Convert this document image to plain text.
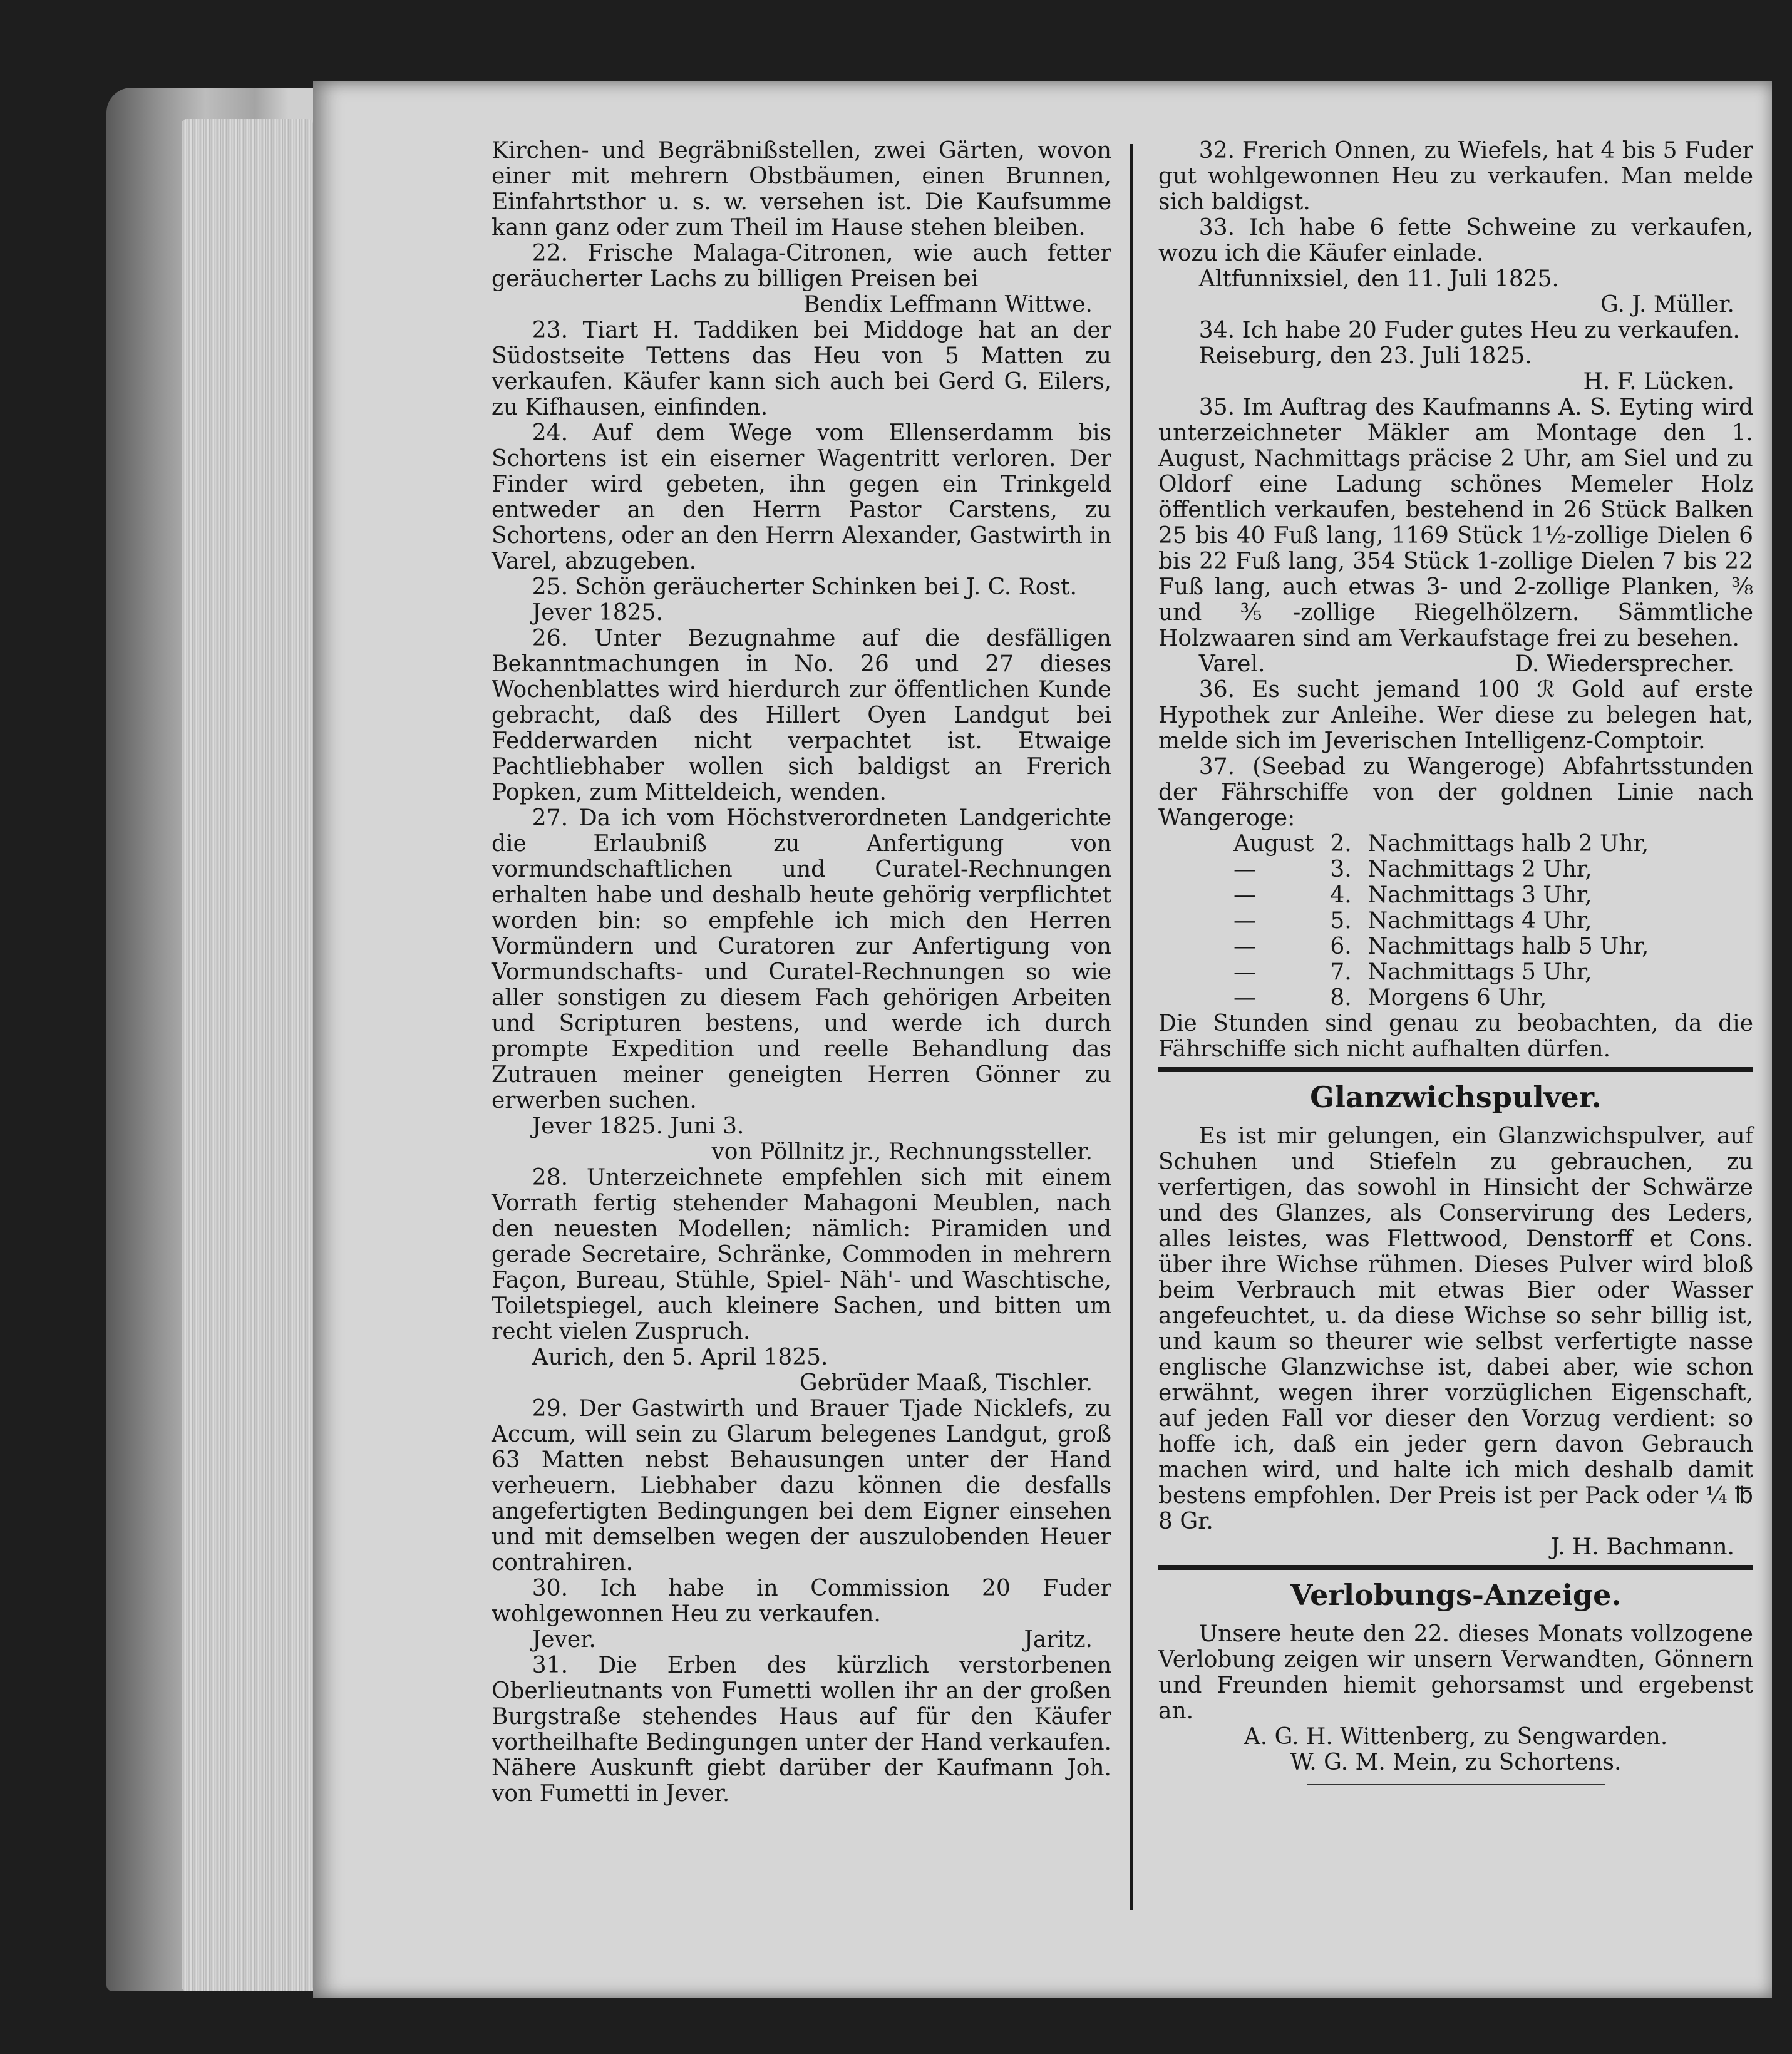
Kirchen- und Begräbnißstellen, zwei Gärten, wovon einer mit mehrern Obstbäumen, einen Brunnen, Einfahrtsthor u. s. w. versehen ist. Die Kaufsumme kann ganz oder zum Theil im Hause stehen bleiben.

22. Frische Malaga-Citronen, wie auch fetter geräucherter Lachs zu billigen Preisen bei

Bendix Leffmann Wittwe.

23. Tiart H. Taddiken bei Middoge hat an der Südostseite Tettens das Heu von 5 Matten zu verkaufen. Käufer kann sich auch bei Gerd G. Eilers, zu Kifhausen, einfinden.

24. Auf dem Wege vom Ellenserdamm bis Schortens ist ein eiserner Wagentritt verloren. Der Finder wird gebeten, ihn gegen ein Trinkgeld entweder an den Herrn Pastor Carstens, zu Schortens, oder an den Herrn Alexander, Gastwirth in Varel, abzugeben.

25. Schön geräucherter Schinken bei J. C. Rost.

Jever 1825.

26. Unter Bezugnahme auf die desfälligen Bekanntmachungen in No. 26 und 27 dieses Wochenblattes wird hierdurch zur öffentlichen Kunde gebracht, daß des Hillert Oyen Landgut bei Fedderwarden nicht verpachtet ist. Etwaige Pachtliebhaber wollen sich baldigst an Frerich Popken, zum Mitteldeich, wenden.

27. Da ich vom Höchstverordneten Landgerichte die Erlaubniß zu Anfertigung von vormundschaftlichen und Curatel-Rechnungen erhalten habe und deshalb heute gehörig verpflichtet worden bin: so empfehle ich mich den Herren Vormündern und Curatoren zur Anfertigung von Vormundschafts- und Curatel-Rechnungen so wie aller sonstigen zu diesem Fach gehörigen Arbeiten und Scripturen bestens, und werde ich durch prompte Expedition und reelle Behandlung das Zutrauen meiner geneigten Herren Gönner zu erwerben suchen.

Jever 1825. Juni 3.

von Pöllnitz jr., Rechnungssteller.

28. Unterzeichnete empfehlen sich mit einem Vorrath fertig stehender Mahagoni Meublen, nach den neuesten Modellen; nämlich: Piramiden und gerade Secretaire, Schränke, Commoden in mehrern Façon, Bureau, Stühle, Spiel- Näh'- und Waschtische, Toiletspiegel, auch kleinere Sachen, und bitten um recht vielen Zuspruch.

Aurich, den 5. April 1825.

Gebrüder Maaß, Tischler.

29. Der Gastwirth und Brauer Tjade Nicklefs, zu Accum, will sein zu Glarum belegenes Landgut, groß 63 Matten nebst Behausungen unter der Hand verheuern. Liebhaber dazu können die desfalls angefertigten Bedingungen bei dem Eigner einsehen und mit demselben wegen der auszulobenden Heuer contrahiren.

30. Ich habe in Commission 20 Fuder wohlgewonnen Heu zu verkaufen.

Jever.	Jaritz.

31. Die Erben des kürzlich verstorbenen Oberlieutnants von Fumetti wollen ihr an der großen Burgstraße stehendes Haus auf für den Käufer vortheilhafte Bedingungen unter der Hand verkaufen. Nähere Auskunft giebt darüber der Kaufmann Joh. von Fumetti in Jever.

32. Frerich Onnen, zu Wiefels, hat 4 bis 5 Fuder gut wohlgewonnen Heu zu verkaufen. Man melde sich baldigst.

33. Ich habe 6 fette Schweine zu verkaufen, wozu ich die Käufer einlade.

Altfunnixsiel, den 11. Juli 1825.

G. J. Müller.

34. Ich habe 20 Fuder gutes Heu zu verkaufen.

Reiseburg, den 23. Juli 1825.

H. F. Lücken.

35. Im Auftrag des Kaufmanns A. S. Eyting wird unterzeichneter Mäkler am Montage den 1. August, Nachmittags präcise 2 Uhr, am Siel und zu Oldorf eine Ladung schönes Memeler Holz öffentlich verkaufen, bestehend in 26 Stück Balken 25 bis 40 Fuß lang, 1169 Stück 1½-zollige Dielen 6 bis 22 Fuß lang, 354 Stück 1-zollige Dielen 7 bis 22 Fuß lang, auch etwas 3- und 2-zollige Planken, ⅜ und ⅗-zollige Riegelhölzern. Sämmtliche Holzwaaren sind am Verkaufstage frei zu besehen.

Varel.	D. Wiedersprecher.

36. Es sucht jemand 100 ℛ Gold auf erste Hypothek zur Anleihe. Wer diese zu belegen hat, melde sich im Jeverischen Intelligenz-Comptoir.

37. (Seebad zu Wangeroge) Abfahrtsstunden der Fährschiffe von der goldnen Linie nach Wangeroge:

August	2.	Nachmittags halb 2 Uhr,
—	3.	Nachmittags 2 Uhr,
—	4.	Nachmittags 3 Uhr,
—	5.	Nachmittags 4 Uhr,
—	6.	Nachmittags halb 5 Uhr,
—	7.	Nachmittags 5 Uhr,
—	8.	Morgens 6 Uhr,

Die Stunden sind genau zu beobachten, da die Fährschiffe sich nicht aufhalten dürfen.

Glanzwichspulver.

Es ist mir gelungen, ein Glanzwichspulver, auf Schuhen und Stiefeln zu gebrauchen, zu verfertigen, das sowohl in Hinsicht der Schwärze und des Glanzes, als Conservirung des Leders, alles leistes, was Flettwood, Denstorff et Cons. über ihre Wichse rühmen. Dieses Pulver wird bloß beim Verbrauch mit etwas Bier oder Wasser angefeuchtet, u. da diese Wichse so sehr billig ist, und kaum so theurer wie selbst verfertigte nasse englische Glanzwichse ist, dabei aber, wie schon erwähnt, wegen ihrer vorzüglichen Eigenschaft, auf jeden Fall vor dieser den Vorzug verdient: so hoffe ich, daß ein jeder gern davon Gebrauch machen wird, und halte ich mich deshalb damit bestens empfohlen. Der Preis ist per Pack oder ¼ ℔ 8 Gr.

J. H. Bachmann.

Verlobungs-Anzeige.

Unsere heute den 22. dieses Monats vollzogene Verlobung zeigen wir unsern Verwandten, Gönnern und Freunden hiemit gehorsamst und ergebenst an.

A. G. H. Wittenberg, zu Sengwarden.

W. G. M. Mein, zu Schortens.
